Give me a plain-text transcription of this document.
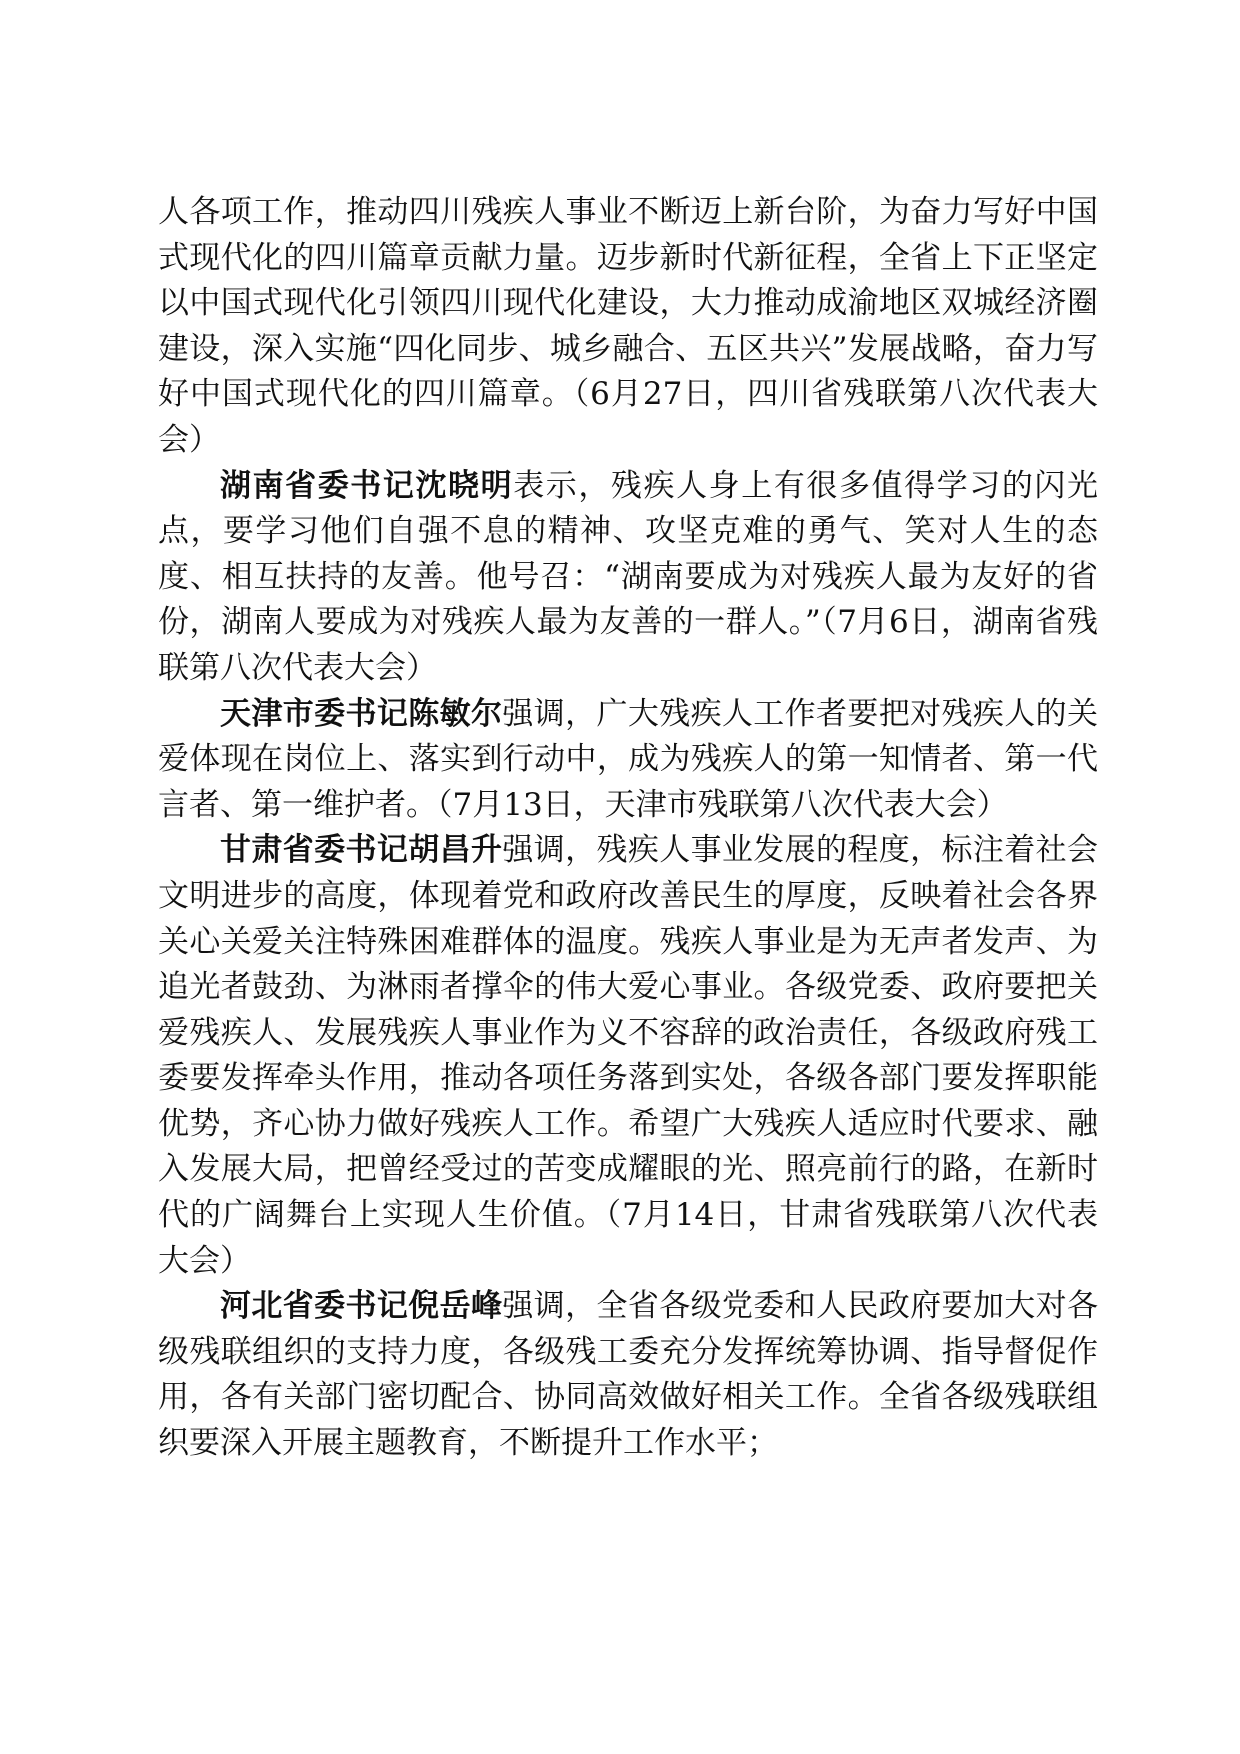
人各项工作，推动四川残疾人事业不断迈上新台阶，为奋力写好中国式现代化的四川篇章贡献力量。迈步新时代新征程，全省上下正坚定以中国式现代化引领四川现代化建设，大力推动成渝地区双城经济圈建设，深入实施“四化同步、城乡融合、五区共兴”发展战略，奋力写好中国式现代化的四川篇章。（6月27日，四川省残联第八次代表大会）

湖南省委书记沈晓明表示，残疾人身上有很多值得学习的闪光点，要学习他们自强不息的精神、攻坚克难的勇气、笑对人生的态度、相互扶持的友善。他号召：“湖南要成为对残疾人最为友好的省份，湖南人要成为对残疾人最为友善的一群人。”（7月6日，湖南省残联第八次代表大会）

天津市委书记陈敏尔强调，广大残疾人工作者要把对残疾人的关爱体现在岗位上、落实到行动中，成为残疾人的第一知情者、第一代言者、第一维护者。（7月13日，天津市残联第八次代表大会）

甘肃省委书记胡昌升强调，残疾人事业发展的程度，标注着社会文明进步的高度，体现着党和政府改善民生的厚度，反映着社会各界关心关爱关注特殊困难群体的温度。残疾人事业是为无声者发声、为追光者鼓劲、为淋雨者撑伞的伟大爱心事业。各级党委、政府要把关爱残疾人、发展残疾人事业作为义不容辞的政治责任，各级政府残工委要发挥牵头作用，推动各项任务落到实处，各级各部门要发挥职能优势，齐心协力做好残疾人工作。希望广大残疾人适应时代要求、融入发展大局，把曾经受过的苦变成耀眼的光、照亮前行的路，在新时代的广阔舞台上实现人生价值。（7月14日，甘肃省残联第八次代表大会）

河北省委书记倪岳峰强调，全省各级党委和人民政府要加大对各级残联组织的支持力度，各级残工委充分发挥统筹协调、指导督促作用，各有关部门密切配合、协同高效做好相关工作。全省各级残联组织要深入开展主题教育，不断提升工作水平；
